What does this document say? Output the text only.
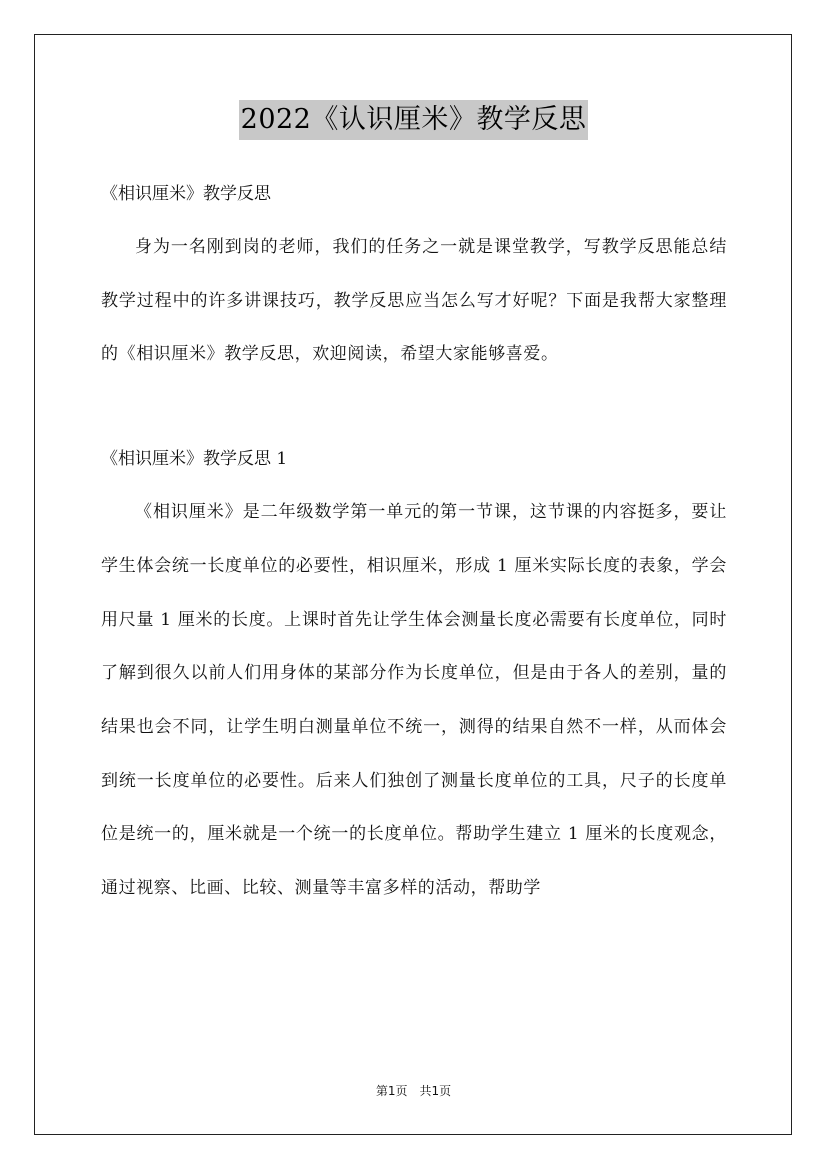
2022《认识厘米》教学反思

《相识厘米》教学反思

身为一名刚到岗的老师，我们的任务之一就是课堂教学，写教学反思能总结教学过程中的许多讲课技巧，教学反思应当怎么写才好呢？下面是我帮大家整理的《相识厘米》教学反思，欢迎阅读，希望大家能够喜爱。

《相识厘米》教学反思 1

《相识厘米》是二年级数学第一单元的第一节课，这节课的内容挺多，要让学生体会统一长度单位的必要性，相识厘米，形成 1 厘米实际长度的表象，学会用尺量 1 厘米的长度。上课时首先让学生体会测量长度必需要有长度单位，同时了解到很久以前人们用身体的某部分作为长度单位，但是由于各人的差别，量的结果也会不同，让学生明白测量单位不统一，测得的结果自然不一样，从而体会到统一长度单位的必要性。后来人们独创了测量长度单位的工具，尺子的长度单位是统一的，厘米就是一个统一的长度单位。帮助学生建立 1 厘米的长度观念，通过视察、比画、比较、测量等丰富多样的活动，帮助学

第1页　共1页
